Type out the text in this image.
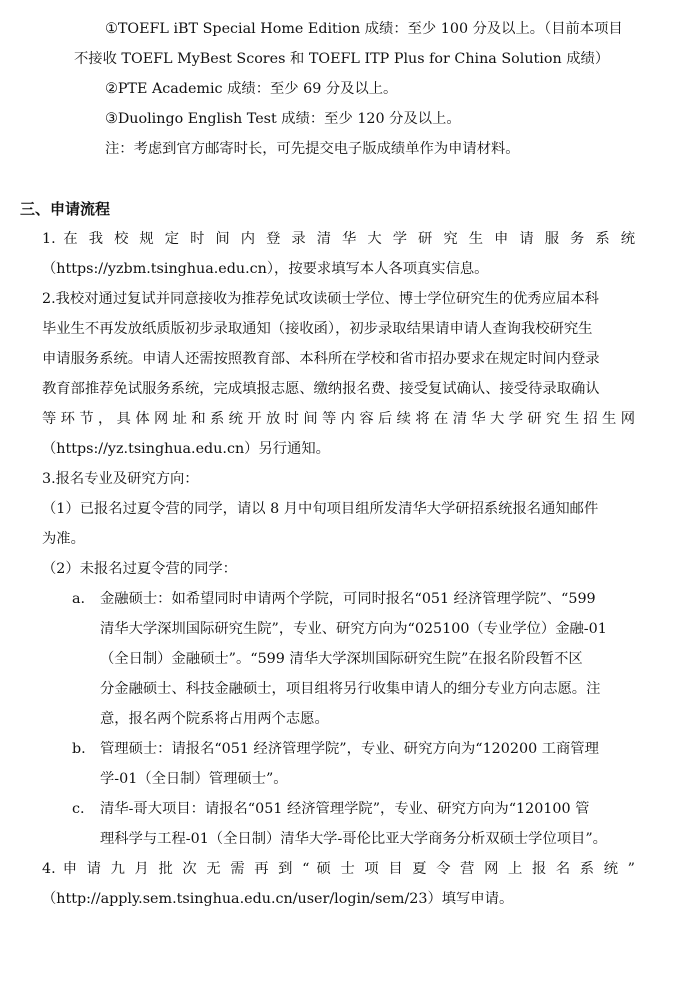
①TOEFL iBT Special Home Edition 成绩：至少 100 分及以上。（目前本项目
不接收 TOEFL MyBest Scores 和 TOEFL ITP Plus for China Solution 成绩）
②PTE Academic 成绩：至少 69 分及以上。
③Duolingo English Test 成绩：至少 120 分及以上。
注：考虑到官方邮寄时长，可先提交电子版成绩单作为申请材料。
三、申请流程
1. 在 我 校 规 定 时 间 内 登 录 清 华 大 学 研 究 生 申 请 服 务 系 统
（https://yzbm.tsinghua.edu.cn），按要求填写本人各项真实信息。
2.我校对通过复试并同意接收为推荐免试攻读硕士学位、博士学位研究生的优秀应届本科
毕业生不再发放纸质版初步录取通知（接收函），初步录取结果请申请人查询我校研究生
申请服务系统。申请人还需按照教育部、本科所在学校和省市招办要求在规定时间内登录
教育部推荐免试服务系统，完成填报志愿、缴纳报名费、接受复试确认、接受待录取确认
等环节，具体网址和系统开放时间等内容后续将在清华大学研究生招生网
（https://yz.tsinghua.edu.cn）另行通知。
3.报名专业及研究方向：
（1）已报名过夏令营的同学，请以 8 月中旬项目组所发清华大学研招系统报名通知邮件
为准。
（2）未报名过夏令营的同学：
a. 金融硕士：如希望同时申请两个学院，可同时报名“051 经济管理学院”、“599
清华大学深圳国际研究生院”，专业、研究方向为“025100（专业学位）金融-01
（全日制）金融硕士”。“599 清华大学深圳国际研究生院”在报名阶段暂不区
分金融硕士、科技金融硕士，项目组将另行收集申请人的细分专业方向志愿。注
意，报名两个院系将占用两个志愿。
b. 管理硕士：请报名“051 经济管理学院”，专业、研究方向为“120200 工商管理
学-01（全日制）管理硕士”。
c. 清华-哥大项目：请报名“051 经济管理学院”，专业、研究方向为“120100 管
理科学与工程-01（全日制）清华大学-哥伦比亚大学商务分析双硕士学位项目”。
4. 申 请 九 月 批 次 无 需 再 到 “ 硕 士 项 目 夏 令 营 网 上 报 名 系 统 ”
（http://apply.sem.tsinghua.edu.cn/user/login/sem/23）填写申请。
